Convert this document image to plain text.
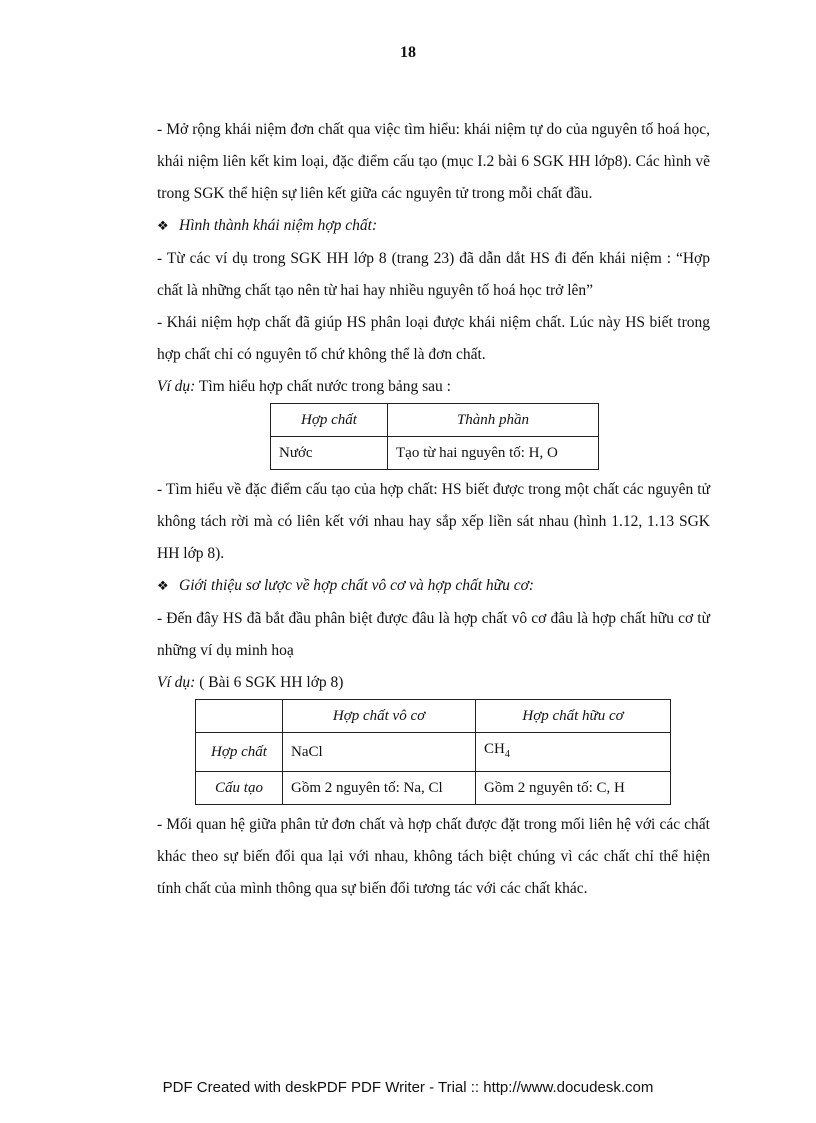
18

- Mở rộng khái niệm đơn chất qua việc tìm hiểu: khái niệm tự do của nguyên tố hoá học, khái niệm liên kết kim loại, đặc điểm cấu tạo (mục I.2 bài 6 SGK HH lớp8). Các hình vẽ trong SGK thể hiện sự liên kết giữa các nguyên tử trong mỗi chất đầu.

❖ Hình thành khái niệm hợp chất:

- Từ các ví dụ trong SGK HH lớp 8 (trang 23) đã dẫn dắt HS đi đến khái niệm : “Hợp chất là những chất tạo nên từ hai hay nhiều nguyên tố hoá học trở lên”

- Khái niệm hợp chất đã giúp HS phân loại được khái niệm chất. Lúc này HS biết trong hợp chất chỉ có nguyên tố chứ không thể là đơn chất.

Ví dụ: Tìm hiểu hợp chất nước trong bảng sau :

Hợp chất	Thành phần
Nước	Tạo từ hai nguyên tố: H, O

- Tìm hiểu về đặc điểm cấu tạo của hợp chất: HS biết được trong một chất các nguyên tử không tách rời mà có liên kết với nhau hay sắp xếp liền sát nhau (hình 1.12, 1.13 SGK HH lớp 8).

❖ Giới thiệu sơ lược về hợp chất vô cơ và hợp chất hữu cơ:

- Đến đây HS đã bắt đầu phân biệt được đâu là hợp chất vô cơ đâu là hợp chất hữu cơ từ những ví dụ minh hoạ

Ví dụ: ( Bài 6 SGK HH lớp 8)

	Hợp chất vô cơ	Hợp chất hữu cơ
Hợp chất	NaCl	$CH_4$
Cấu tạo	Gồm 2 nguyên tố: Na, Cl	Gồm 2 nguyên tố: C, H

- Mối quan hệ giữa phân tử đơn chất và hợp chất được đặt trong mối liên hệ với các chất khác theo sự biến đổi qua lại với nhau, không tách biệt chúng vì các chất chỉ thể hiện tính chất của mình thông qua sự biến đổi tương tác với các chất khác.

PDF Created with deskPDF PDF Writer - Trial :: http://www.docudesk.com
